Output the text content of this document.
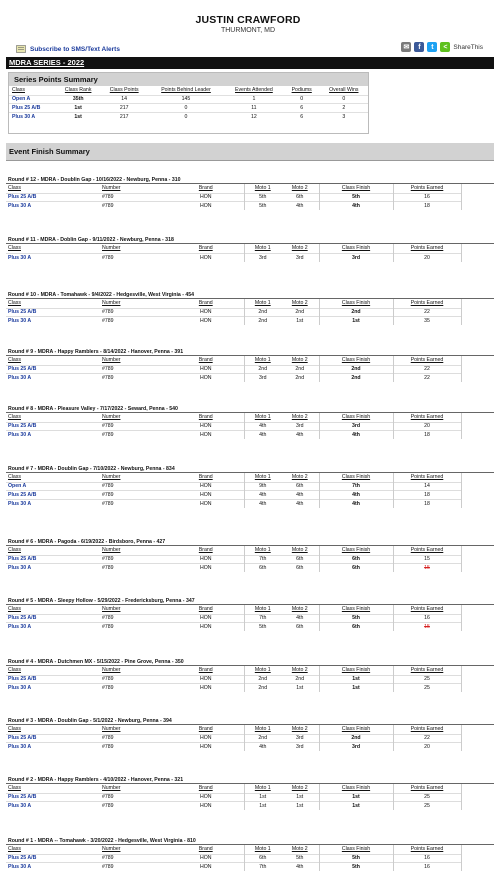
JUSTIN CRAWFORD
THURMONT, MD
Subscribe to SMS/Text Alerts	✉	f	t	< ShareThis
MDRA SERIES - 2022
Series Points Summary
Class	Class Rank	Class Points	Points Behind Leader	Events Attended	Podiums	Overall Wins
Open A	35th	14	145	1	0	0
Plus 25 A/B	1st	217	0	11	6	2
Plus 30 A	1st	217	0	12	6	3
Event Finish Summary
Round # 12 - MDRA - Doublin Gap - 10/16/2022 - Newburg, Penna - 310
Class	Number	Brand	Moto 1	Moto 2	Class Finish	Points Earned	
Plus 25 A/B	#789	HON	5th	6th	5th	16	
Plus 30 A	#789	HON	5th	4th	4th	18	
Round # 11 - MDRA - Doblin Gap - 9/11/2022 - Newburg, Penna - 318
Class	Number	Brand	Moto 1	Moto 2	Class Finish	Points Earned	
Plus 30 A	#789	HON	3rd	3rd	3rd	20	
Round # 10 - MDRA - Tomahawk - 9/4/2022 - Hedgesville, West Virginia - 454
Class	Number	Brand	Moto 1	Moto 2	Class Finish	Points Earned	
Plus 25 A/B	#789	HON	2nd	2nd	2nd	22	
Plus 30 A	#789	HON	2nd	1st	1st	35	
Round # 9 - MDRA - Happy Ramblers - 8/14/2022 - Hanover, Penna - 391
Class	Number	Brand	Moto 1	Moto 2	Class Finish	Points Earned	
Plus 25 A/B	#789	HON	2nd	2nd	2nd	22	
Plus 30 A	#789	HON	3rd	2nd	2nd	22	
Round # 8 - MDRA - Pleasure Valley - 7/17/2022 - Seward, Penna - 540
Class	Number	Brand	Moto 1	Moto 2	Class Finish	Points Earned	
Plus 25 A/B	#789	HON	4th	3rd	3rd	20	
Plus 30 A	#789	HON	4th	4th	4th	18	
Round # 7 - MDRA - Doublin Gap - 7/10/2022 - Newburg, Penna - 834
Class	Number	Brand	Moto 1	Moto 2	Class Finish	Points Earned	
Open A	#789	HON	9th	6th	7th	14	
Plus 25 A/B	#789	HON	4th	4th	4th	18	
Plus 30 A	#789	HON	4th	4th	4th	18	
Round # 6 - MDRA - Pagoda - 6/19/2022 - Birdsboro, Penna - 427
Class	Number	Brand	Moto 1	Moto 2	Class Finish	Points Earned	
Plus 25 A/B	#789	HON	7th	6th	6th	15	
Plus 30 A	#789	HON	6th	6th	6th	15	
Round # 5 - MDRA - Sleepy Hollow - 5/29/2022 - Fredericksburg, Penna - 347
Class	Number	Brand	Moto 1	Moto 2	Class Finish	Points Earned	
Plus 25 A/B	#789	HON	7th	4th	5th	16	
Plus 30 A	#789	HON	5th	6th	6th	15	
Round # 4 - MDRA - Dutchmen MX - 5/15/2022 - Pine Grove, Penna - 350
Class	Number	Brand	Moto 1	Moto 2	Class Finish	Points Earned	
Plus 25 A/B	#789	HON	2nd	2nd	1st	25	
Plus 30 A	#789	HON	2nd	1st	1st	25	
Round # 3 - MDRA - Doublin Gap - 5/1/2022 - Newburg, Penna - 394
Class	Number	Brand	Moto 1	Moto 2	Class Finish	Points Earned	
Plus 25 A/B	#789	HON	2nd	3rd	2nd	22	
Plus 30 A	#789	HON	4th	3rd	3rd	20	
Round # 2 - MDRA - Happy Ramblers - 4/10/2022 - Hanover, Penna - 321
Class	Number	Brand	Moto 1	Moto 2	Class Finish	Points Earned	
Plus 25 A/B	#789	HON	1st	1st	1st	25	
Plus 30 A	#789	HON	1st	1st	1st	25	
Round # 1 - MDRA -- Tomahawk - 3/20/2022 - Hedgesville, West Virginia - 810
Class	Number	Brand	Moto 1	Moto 2	Class Finish	Points Earned	
Plus 25 A/B	#789	HON	6th	5th	5th	16	
Plus 30 A	#789	HON	7th	4th	5th	16	
